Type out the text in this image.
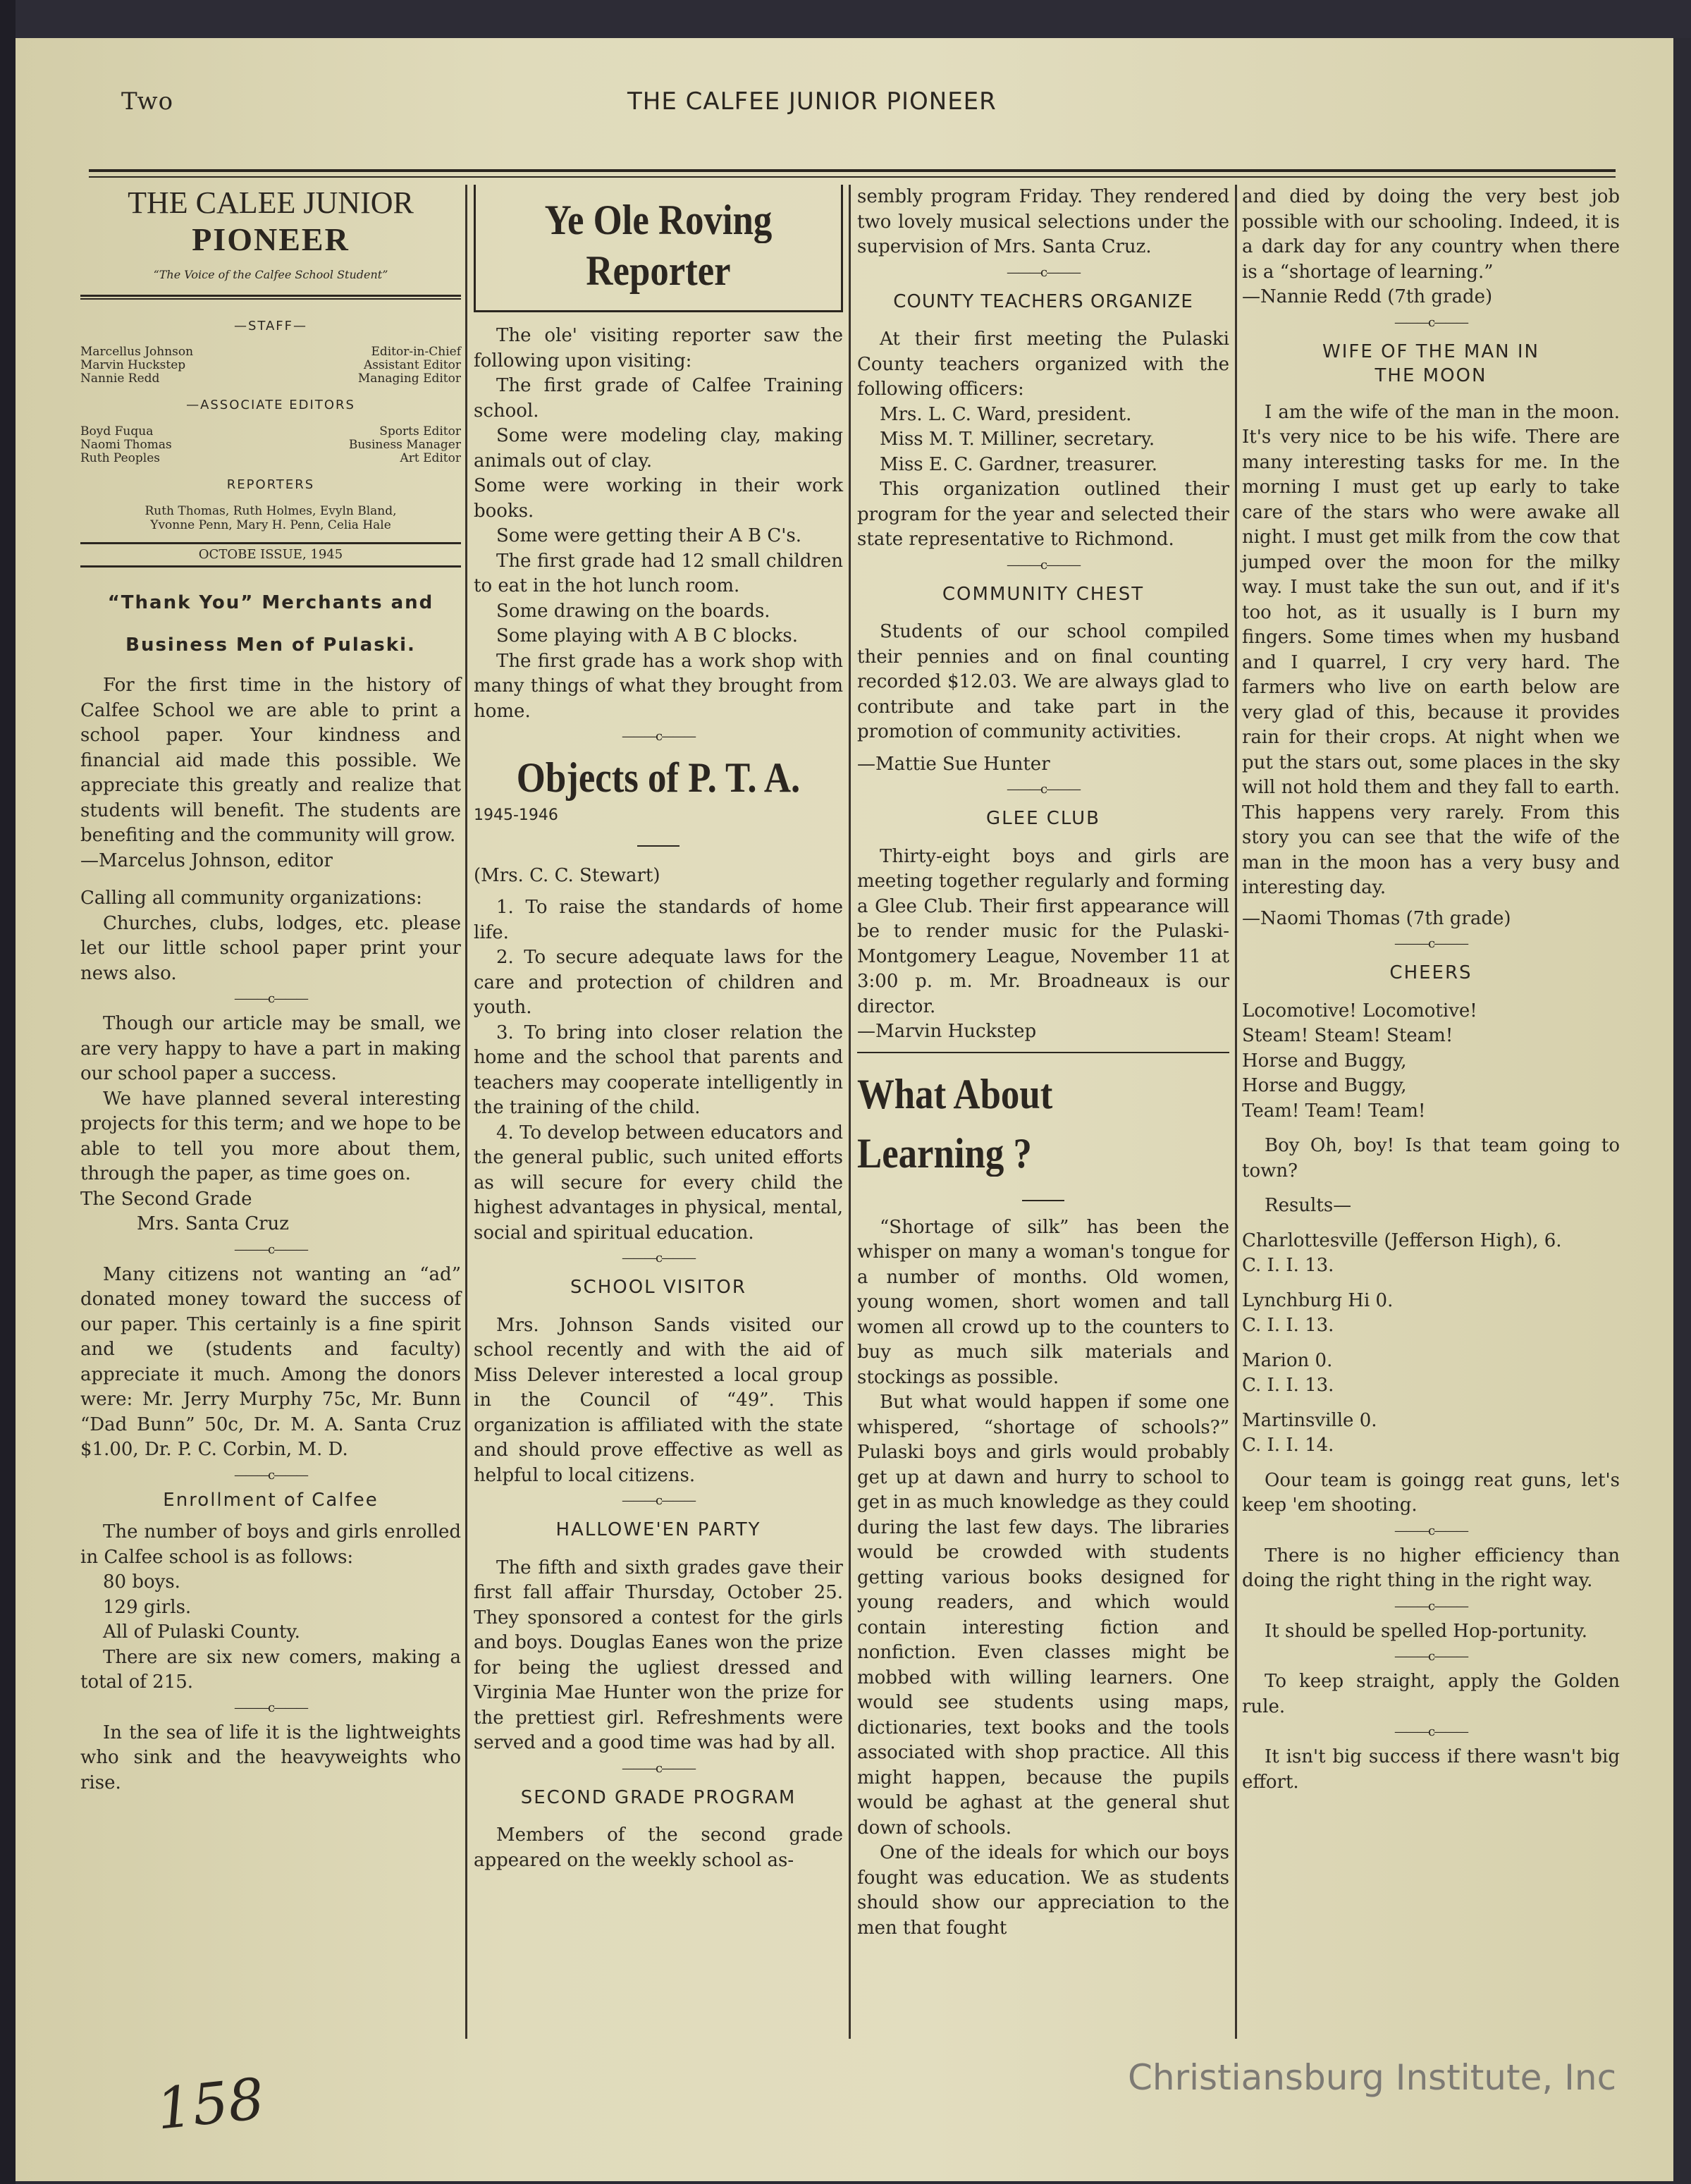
Two	THE CALFEE JUNIOR PIONEER
THE CALEE JUNIOR
PIONEER
“The Voice of the Calfee School Student”
—STAFF—
Marcellus Johnson	Editor-in-Chief
Marvin Huckstep	Assistant Editor
Nannie Redd	Managing Editor
—ASSOCIATE EDITORS
Boyd Fuqua	Sports Editor
Naomi Thomas	Business Manager
Ruth Peoples	Art Editor
REPORTERS
Ruth Thomas, Ruth Holmes, Evyln Bland,
Yvonne Penn, Mary H. Penn, Celia Hale
OCTOBE ISSUE, 1945
“Thank You” Merchants and
Business Men of Pulaski.

For the first time in the history of Calfee School we are able to print a school paper. Your kindness and financial aid made this possible. We appreciate this greatly and realize that students will benefit. The students are benefiting and the community will grow.

—Marcelus Johnson, editor

Calling all community organizations:

Churches, clubs, lodges, etc. please let our little school paper print your news also.

———c———

Though our article may be small, we are very happy to have a part in making our school paper a success.

We have planned several interesting projects for this term; and we hope to be able to tell you more about them, through the paper, as time goes on.

The Second Grade

Mrs. Santa Cruz

———c———

Many citizens not wanting an “ad” donated money toward the success of our paper. This certainly is a fine spirit and we (students and faculty) appreciate it much. Among the donors were: Mr. Jerry Murphy 75c, Mr. Bunn “Dad Bunn” 50c, Dr. M. A. Santa Cruz $1.00, Dr. P. C. Corbin, M. D.

———c———
Enrollment of Calfee

The number of boys and girls enrolled in Calfee school is as follows:

80 boys.

129 girls.

All of Pulaski County.

There are six new comers, making a total of 215.

———c———

In the sea of life it is the lightweights who sink and the heavyweights who rise.

Ye Ole Roving
Reporter

The ole' visiting reporter saw the following upon visiting:

The first grade of Calfee Training school.

Some were modeling clay, making animals out of clay.

Some were working in their work books.

Some were getting their A B C's.

The first grade had 12 small children to eat in the hot lunch room.

Some drawing on the boards.

Some playing with A B C blocks.

The first grade has a work shop with many things of what they brought from home.

———c———
Objects of P. T. A.

1945-1946

(Mrs. C. C. Stewart)

1. To raise the standards of home life.

2. To secure adequate laws for the care and protection of children and youth.

3. To bring into closer relation the home and the school that parents and teachers may cooperate intelligently in the training of the child.

4. To develop between educators and the general public, such united efforts as will secure for every child the highest advantages in physical, mental, social and spiritual education.

———c———
SCHOOL VISITOR

Mrs. Johnson Sands visited our school recently and with the aid of Miss Delever interested a local group in the Council of “49”. This organization is affiliated with the state and should prove effective as well as helpful to local citizens.

———c———
HALLOWE'EN PARTY

The fifth and sixth grades gave their first fall affair Thursday, October 25. They sponsored a contest for the girls and boys. Douglas Eanes won the prize for being the ugliest dressed and Virginia Mae Hunter won the prize for the prettiest girl. Refreshments were served and a good time was had by all.

———c———
SECOND GRADE PROGRAM

Members of the second grade appeared on the weekly school as-

sembly program Friday. They rendered two lovely musical selections under the supervision of Mrs. Santa Cruz.

———c———
COUNTY TEACHERS ORGANIZE

At their first meeting the Pulaski County teachers organized with the following officers:

Mrs. L. C. Ward, president.

Miss M. T. Milliner, secretary.

Miss E. C. Gardner, treasurer.

This organization outlined their program for the year and selected their state representative to Richmond.

———c———
COMMUNITY CHEST

Students of our school compiled their pennies and on final counting recorded $12.03. We are always glad to contribute and take part in the promotion of community activities.

—Mattie Sue Hunter

———c———
GLEE CLUB

Thirty-eight boys and girls are meeting together regularly and forming a Glee Club. Their first appearance will be to render music for the Pulaski-Montgomery League, November 11 at 3:00 p. m. Mr. Broadneaux is our director.

—Marvin Huckstep

What About
Learning ?

“Shortage of silk” has been the whisper on many a woman's tongue for a number of months. Old women, young women, short women and tall women all crowd up to the counters to buy as much silk materials and stockings as possible.

But what would happen if some one whispered, “shortage of schools?” Pulaski boys and girls would probably get up at dawn and hurry to school to get in as much knowledge as they could during the last few days. The libraries would be crowded with students getting various books designed for young readers, and which would contain interesting fiction and nonfiction. Even classes might be mobbed with willing learners. One would see students using maps, dictionaries, text books and the tools associated with shop practice. All this might happen, because the pupils would be aghast at the general shut down of schools.

One of the ideals for which our boys fought was education. We as students should show our appreciation to the men that fought

and died by doing the very best job possible with our schooling. Indeed, it is a dark day for any country when there is a “shortage of learning.”

—Nannie Redd (7th grade)

———c———
WIFE OF THE MAN IN
THE MOON

I am the wife of the man in the moon. It's very nice to be his wife. There are many interesting tasks for me. In the morning I must get up early to take care of the stars who were awake all night. I must get milk from the cow that jumped over the moon for the milky way. I must take the sun out, and if it's too hot, as it usually is I burn my fingers. Some times when my husband and I quarrel, I cry very hard. The farmers who live on earth below are very glad of this, because it provides rain for their crops. At night when we put the stars out, some places in the sky will not hold them and they fall to earth. This happens very rarely. From this story you can see that the wife of the man in the moon has a very busy and interesting day.

—Naomi Thomas (7th grade)

———c———
CHEERS

Locomotive! Locomotive!

Steam! Steam! Steam!

Horse and Buggy,

Horse and Buggy,

Team! Team! Team!

Boy Oh, boy! Is that team going to town?

Results—

Charlottesville (Jefferson High), 6.

C. I. I. 13.

Lynchburg Hi 0.

C. I. I. 13.

Marion 0.

C. I. I. 13.

Martinsville 0.

C. I. I. 14.

Oour team is goingg reat guns, let's keep 'em shooting.

———c———

There is no higher efficiency than doing the right thing in the right way.

———c———

It should be spelled Hop-portunity.

———c———

To keep straight, apply the Golden rule.

———c———

It isn't big success if there wasn't big effort.

158	Christiansburg Institute, Inc
